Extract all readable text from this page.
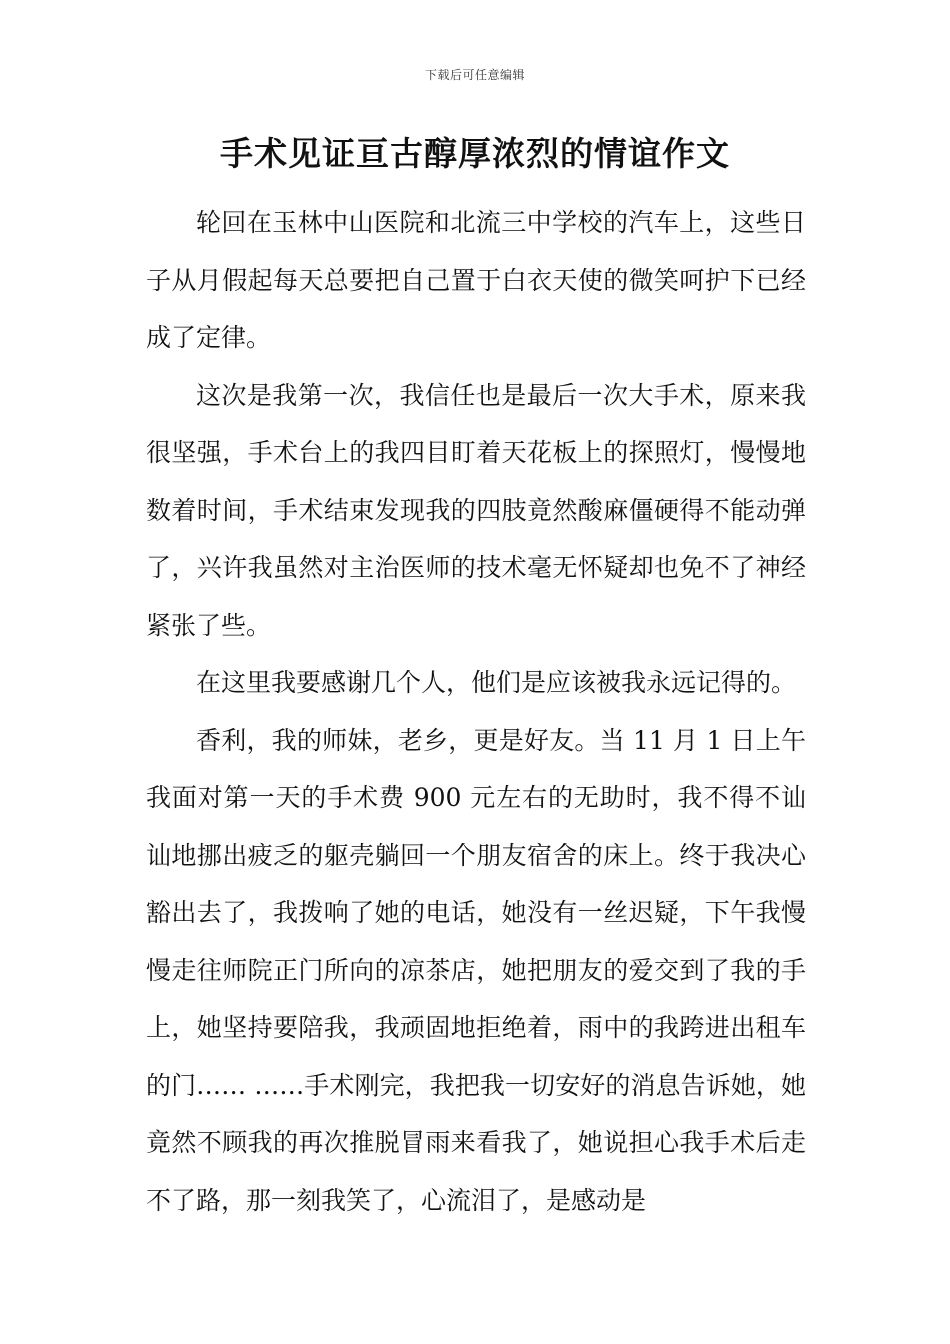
下载后可任意编辑
手术见证亘古醇厚浓烈的情谊作文

轮回在玉林中山医院和北流三中学校的汽车上，这些日子从月假起每天总要把自己置于白衣天使的微笑呵护下已经成了定律。

这次是我第一次，我信任也是最后一次大手术，原来我很坚强，手术台上的我四目盯着天花板上的探照灯，慢慢地数着时间，手术结束发现我的四肢竟然酸麻僵硬得不能动弹了，兴许我虽然对主治医师的技术毫无怀疑却也免不了神经紧张了些。

在这里我要感谢几个人，他们是应该被我永远记得的。

香利，我的师妹，老乡，更是好友。当 11 月 1 日上午我面对第一天的手术费 900 元左右的无助时，我不得不讪讪地挪出疲乏的躯壳躺回一个朋友宿舍的床上。终于我决心豁出去了，我拨响了她的电话，她没有一丝迟疑，下午我慢慢走往师院正门所向的凉茶店，她把朋友的爱交到了我的手上，她坚持要陪我，我顽固地拒绝着，雨中的我跨进出租车的门…… ……手术刚完，我把我一切安好的消息告诉她，她竟然不顾我的再次推脱冒雨来看我了，她说担心我手术后走不了路，那一刻我笑了，心流泪了，是感动是
